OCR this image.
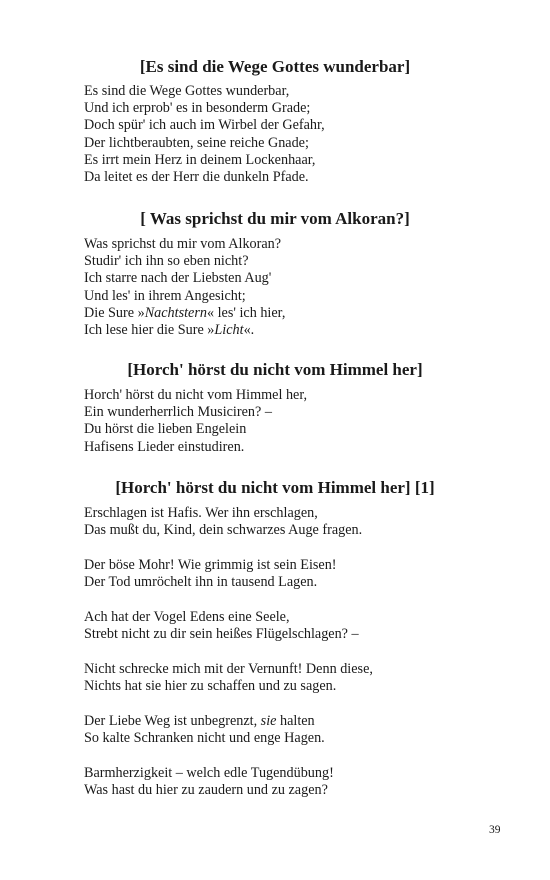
[Es sind die Wege Gottes wunderbar]
Es sind die Wege Gottes wunderbar,
Und ich erprob' es in besonderm Grade;
Doch spür' ich auch im Wirbel der Gefahr,
Der lichtberaubten, seine reiche Gnade;
Es irrt mein Herz in deinem Lockenhaar,
Da leitet es der Herr die dunkeln Pfade.
[ Was sprichst du mir vom Alkoran?]
Was sprichst du mir vom Alkoran?
Studir' ich ihn so eben nicht?
Ich starre nach der Liebsten Aug'
Und les' in ihrem Angesicht;
Die Sure »Nachtstern« les' ich hier,
Ich lese hier die Sure »Licht«.
[Horch' hörst du nicht vom Himmel her]
Horch' hörst du nicht vom Himmel her,
Ein wunderherrlich Musiciren? –
Du hörst die lieben Engelein
Hafisens Lieder einstudiren.
[Horch' hörst du nicht vom Himmel her] [1]
Erschlagen ist Hafis. Wer ihn erschlagen,
Das mußt du, Kind, dein schwarzes Auge fragen.
Der böse Mohr! Wie grimmig ist sein Eisen!
Der Tod umröchelt ihn in tausend Lagen.
Ach hat der Vogel Edens eine Seele,
Strebt nicht zu dir sein heißes Flügelschlagen? –
Nicht schrecke mich mit der Vernunft! Denn diese,
Nichts hat sie hier zu schaffen und zu sagen.
Der Liebe Weg ist unbegrenzt, sie halten
So kalte Schranken nicht und enge Hagen.
Barmherzigkeit – welch edle Tugendübung!
Was hast du hier zu zaudern und zu zagen?
39
